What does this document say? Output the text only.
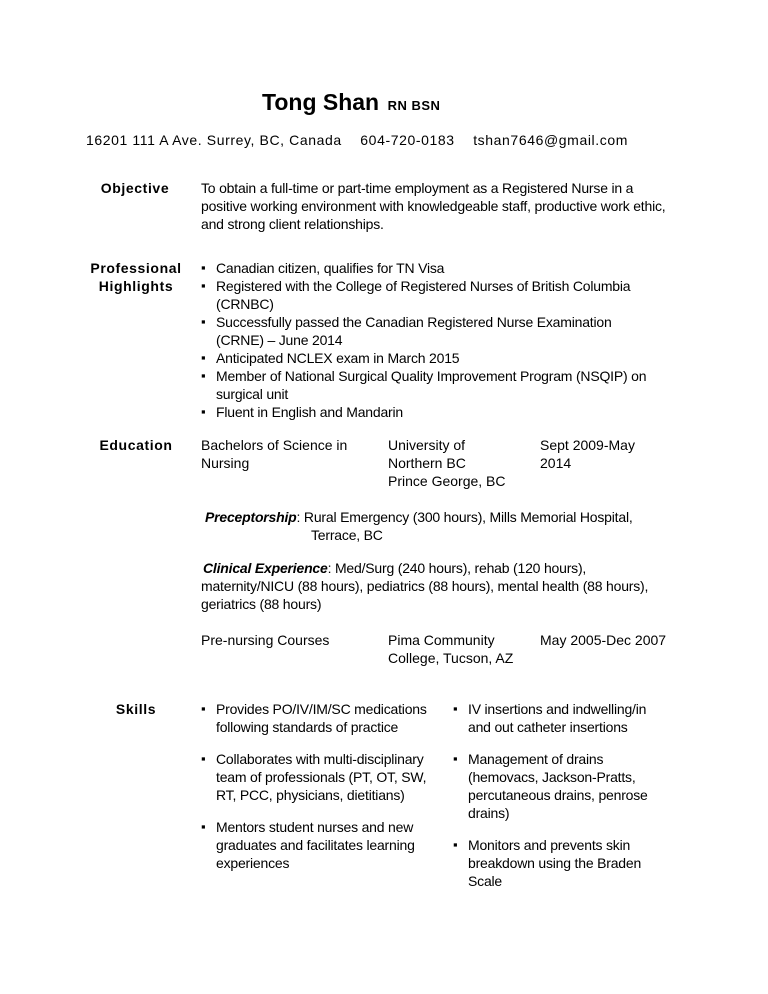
Tong Shan RN BSN
16201 111 A Ave. Surrey, BC, Canada 604-720-0183 tshan7646@gmail.com
Objective	To obtain a full-time or part-time employment as a Registered Nurse in a positive working environment with knowledgeable staff, productive work ethic, and strong client relationships.
Professional
Highlights
▪ Canadian citizen, qualifies for TN Visa
▪ Registered with the College of Registered Nurses of British Columbia (CRNBC)
▪ Successfully passed the Canadian Registered Nurse Examination (CRNE) – June 2014
▪ Anticipated NCLEX exam in March 2015
▪ Member of National Surgical Quality Improvement Program (NSQIP) on surgical unit
▪ Fluent in English and Mandarin
Education	Bachelors of Science in Nursing
University of Northern BC
Prince George, BC
Sept 2009-May 2014
Preceptorship: Rural Emergency (300 hours), Mills Memorial Hospital,
Terrace, BC
Clinical Experience: Med/Surg (240 hours), rehab (120 hours), maternity/NICU (88 hours), pediatrics (88 hours), mental health (88 hours), geriatrics (88 hours)
Pre-nursing Courses	Pima Community College, Tucson, AZ
May 2005-Dec 2007
Skills
▪	Provides PO/IV/IM/SC medications following standards of practice
▪ Collaborates with multi-disciplinary team of professionals (PT, OT, SW, RT, PCC, physicians, dietitians)
▪ Mentors student nurses and new graduates and facilitates learning experiences
▪ IV insertions and indwelling/in and out catheter insertions
▪ Management of drains (hemovacs, Jackson-Pratts, percutaneous drains, penrose drains)
▪ Monitors and prevents skin breakdown using the Braden Scale
